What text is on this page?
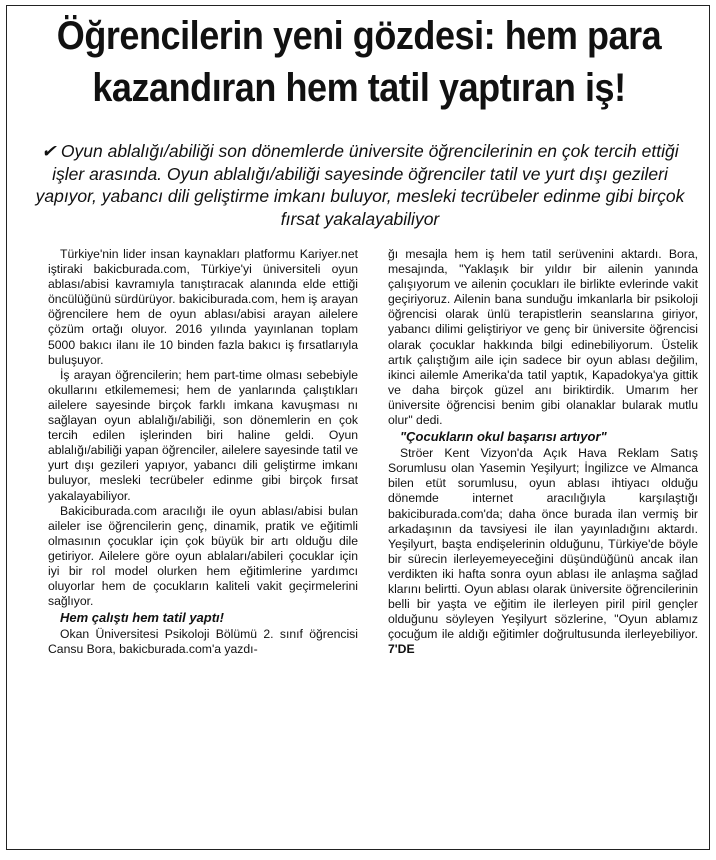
Öğrencilerin yeni gözdesi: hem para
kazandıran hem tatil yaptıran iş!

✔ Oyun ablalığı/abiliği son dönemlerde üniversite öğrencilerinin en çok tercih ettiği işler arasında. Oyun ablalığı/abiliği sayesinde öğrenciler tatil ve yurt dışı gezileri yapıyor, yabancı dili geliştirme imkanı buluyor, mesleki tecrübeler edinme gibi birçok fırsat yakalayabiliyor

Türkiye'nin lider insan kaynakları platformu Kariyer.net iştiraki bakicburada.com, Türkiye'yi üniversiteli oyun ablası/abisi kavramıyla tanıştıracak alanında elde ettiği öncülüğünü sürdürüyor. bakiciburada.com, hem iş arayan öğrencilere hem de oyun ablası/abisi arayan ailelere çözüm ortağı oluyor. 2016 yılında yayınlanan toplam 5000 bakıcı ilanı ile 10 binden fazla bakıcı iş fırsatlarıyla buluşuyor.

İş arayan öğrencilerin; hem part-time olması sebebiyle okullarını etkilememesi; hem de yanlarında çalıştıkları ailelere sayesinde birçok farklı imkana kavuşması nı sağlayan oyun ablalığı/abiliği, son dönemlerin en çok tercih edilen işlerinden biri haline geldi. Oyun ablalığı/abiliği yapan öğrenciler, ailelere sayesinde tatil ve yurt dışı gezileri yapıyor, yabancı dili geliştirme imkanı buluyor, mesleki tecrübeler edinme gibi birçok fırsat yakalayabiliyor.

Bakiciburada.com aracılığı ile oyun ablası/abisi bulan aileler ise öğrencilerin genç, dinamik, pratik ve eğitimli olmasının çocuklar için çok büyük bir artı olduğu dile getiriyor. Ailelere göre oyun ablaları/abileri çocuklar için iyi bir rol model olurken hem eğitimlerine yardımcı oluyorlar hem de çocukların kaliteli vakit geçirmelerini sağlıyor.

Hem çalıştı hem tatil yaptı!

Okan Üniversitesi Psikoloji Bölümü 2. sınıf öğrencisi Cansu Bora, bakicburada.com'a yazdı-

ğı mesajla hem iş hem tatil serüvenini aktardı. Bora, mesajında, "Yaklaşık bir yıldır bir ailenin yanında çalışıyorum ve ailenin çocukları ile birlikte evlerinde vakit geçiriyoruz. Ailenin bana sunduğu imkanlarla bir psikoloji öğrencisi olarak ünlü terapistlerin seanslarına giriyor, yabancı dilimi geliştiriyor ve genç bir üniversite öğrencisi olarak çocuklar hakkında bilgi edinebiliyorum. Üstelik artık çalıştığım aile için sadece bir oyun ablası değilim, ikinci ailemle Amerika'da tatil yaptık, Kapadokya'ya gittik ve daha birçok güzel anı biriktirdik. Umarım her üniversite öğrencisi benim gibi olanaklar bularak mutlu olur" dedi.

"Çocukların okul başarısı artıyor"

Ströer Kent Vizyon'da Açık Hava Reklam Satış Sorumlusu olan Yasemin Yeşilyurt; İngilizce ve Almanca bilen etüt sorumlusu, oyun ablası ihtiyacı olduğu dönemde internet aracılığıyla karşılaştığı bakiciburada.com'da; daha önce burada ilan vermiş bir arkadaşının da tavsiyesi ile ilan yayınladığını aktardı. Yeşilyurt, başta endişelerinin olduğunu, Türkiye'de böyle bir sürecin ilerleyemeyeceğini düşündüğünü ancak ilan verdikten iki hafta sonra oyun ablası ile anlaşma sağlad klarını belirtti. Oyun ablası olarak üniversite öğrencilerinin belli bir yaşta ve eğitim ile ilerleyen piril piril gençler olduğunu söyleyen Yeşilyurt sözlerine, "Oyun ablamız çocuğum ile aldığı eğitimler doğrultusunda ilerleyebiliyor. 7'DE
